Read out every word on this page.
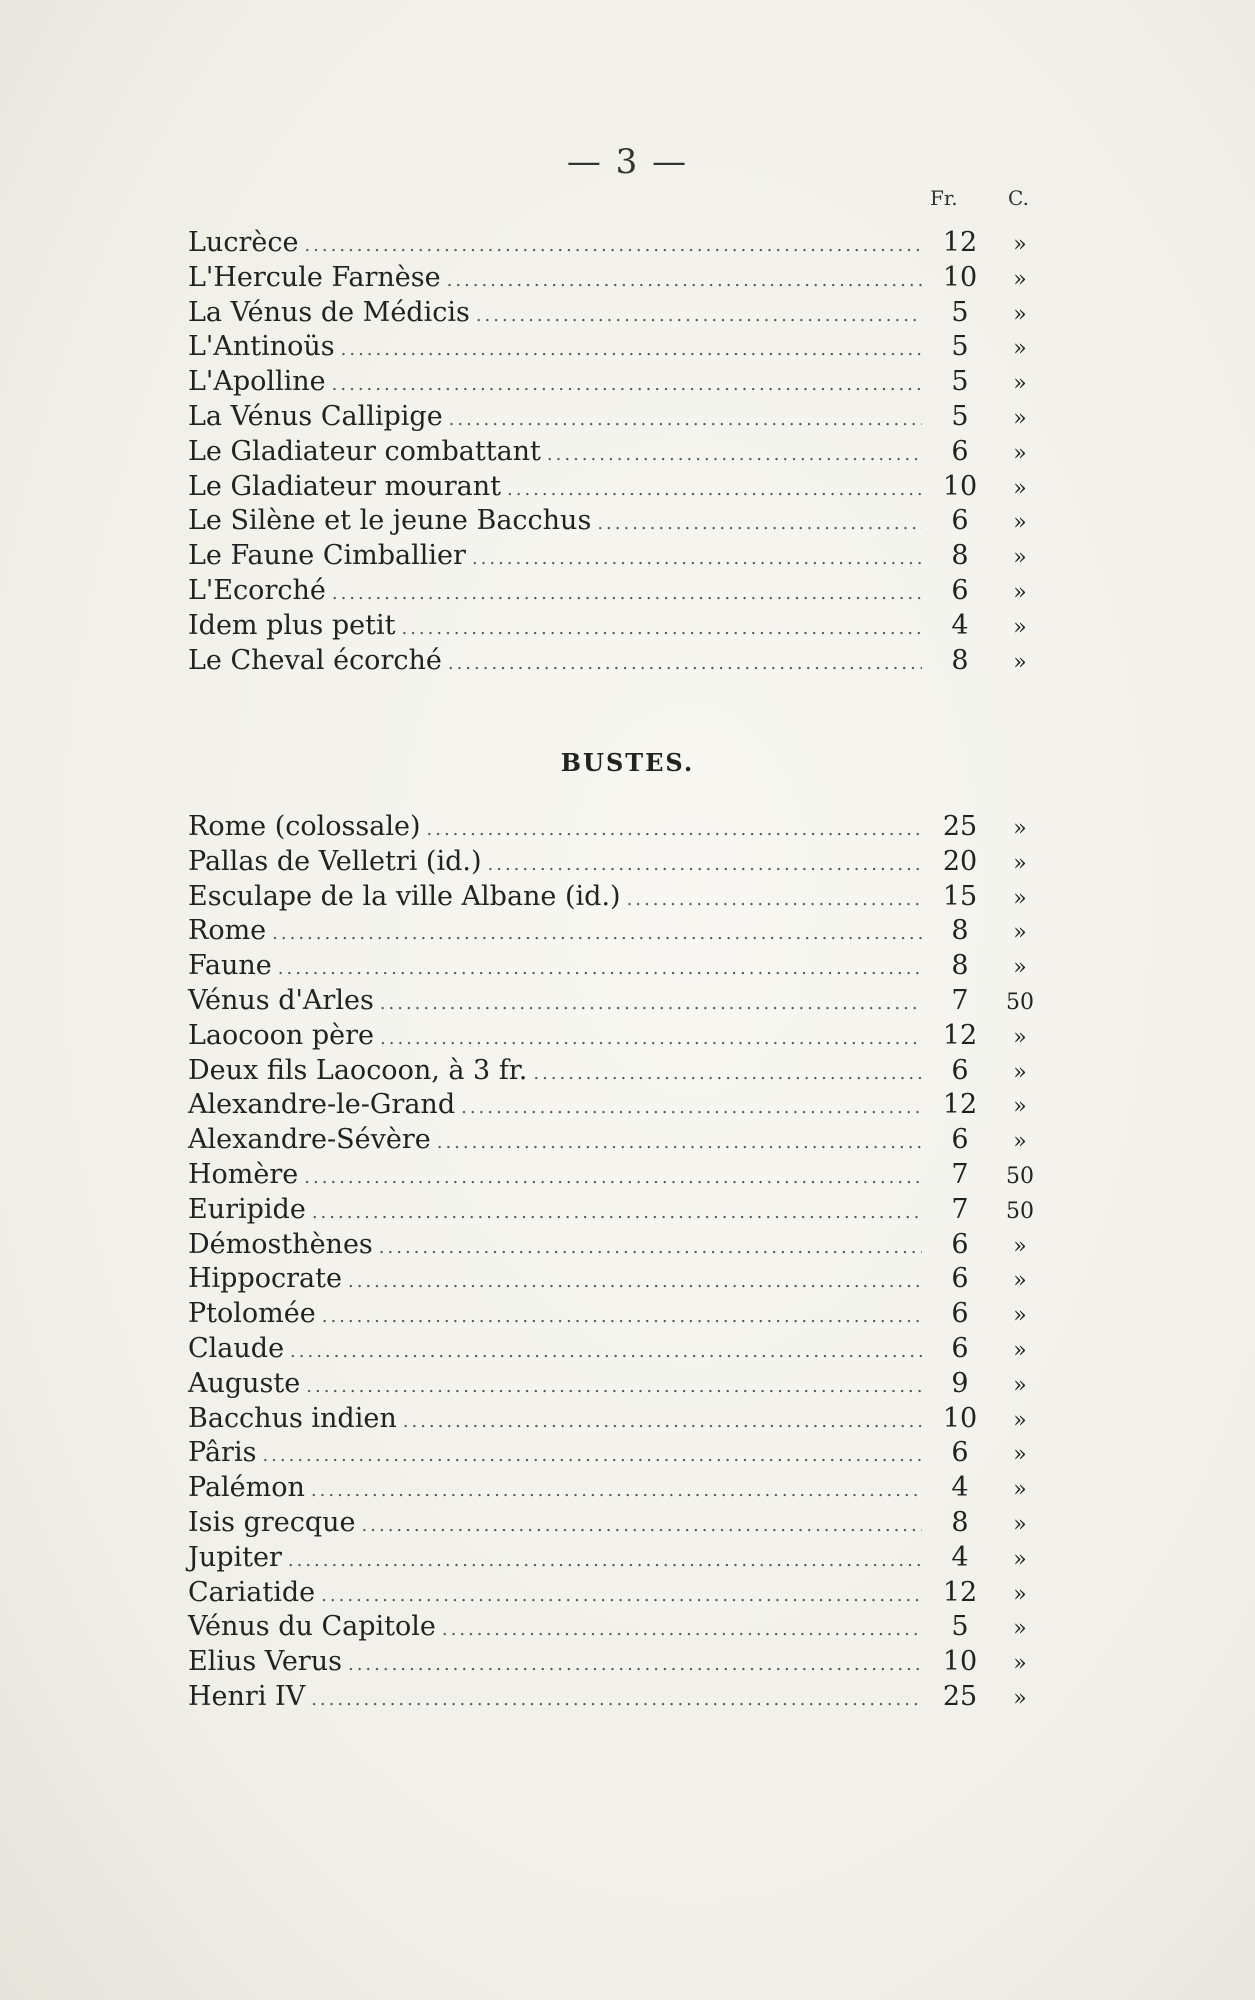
— 3 —
Fr.	C.
Lucrèce .....	12	»
L'Hercule Farnèse .....	10	»
La Vénus de Médicis .....	5	»
L'Antinoüs .....	5	»
L'Apolline .....	5	»
La Vénus Callipige .....	5	»
Le Gladiateur combattant .....	6	»
Le Gladiateur mourant .....	10	»
Le Silène et le jeune Bacchus .....	6	»
Le Faune Cimballier .....	8	»
L'Ecorché .....	6	»
Idem plus petit .....	4	»
Le Cheval écorché .....	8	»
BUSTES.
Rome (colossale) .....	25	»
Pallas de Velletri (id.) .....	20	»
Esculape de la ville Albane (id.) .....	15	»
Rome .....	8	»
Faune .....	8	»
Vénus d'Arles .....	7	50
Laocoon père .....	12	»
Deux fils Laocoon, à 3 fr. .....	6	»
Alexandre-le-Grand .....	12	»
Alexandre-Sévère .....	6	»
Homère .....	7	50
Euripide .....	7	50
Démosthènes .....	6	»
Hippocrate .....	6	»
Ptolomée .....	6	»
Claude .....	6	»
Auguste .....	9	»
Bacchus indien .....	10	»
Pâris .....	6	»
Palémon .....	4	»
Isis grecque .....	8	»
Jupiter .....	4	»
Cariatide .....	12	»
Vénus du Capitole .....	5	»
Elius Verus .....	10	»
Henri IV .....	25	»
